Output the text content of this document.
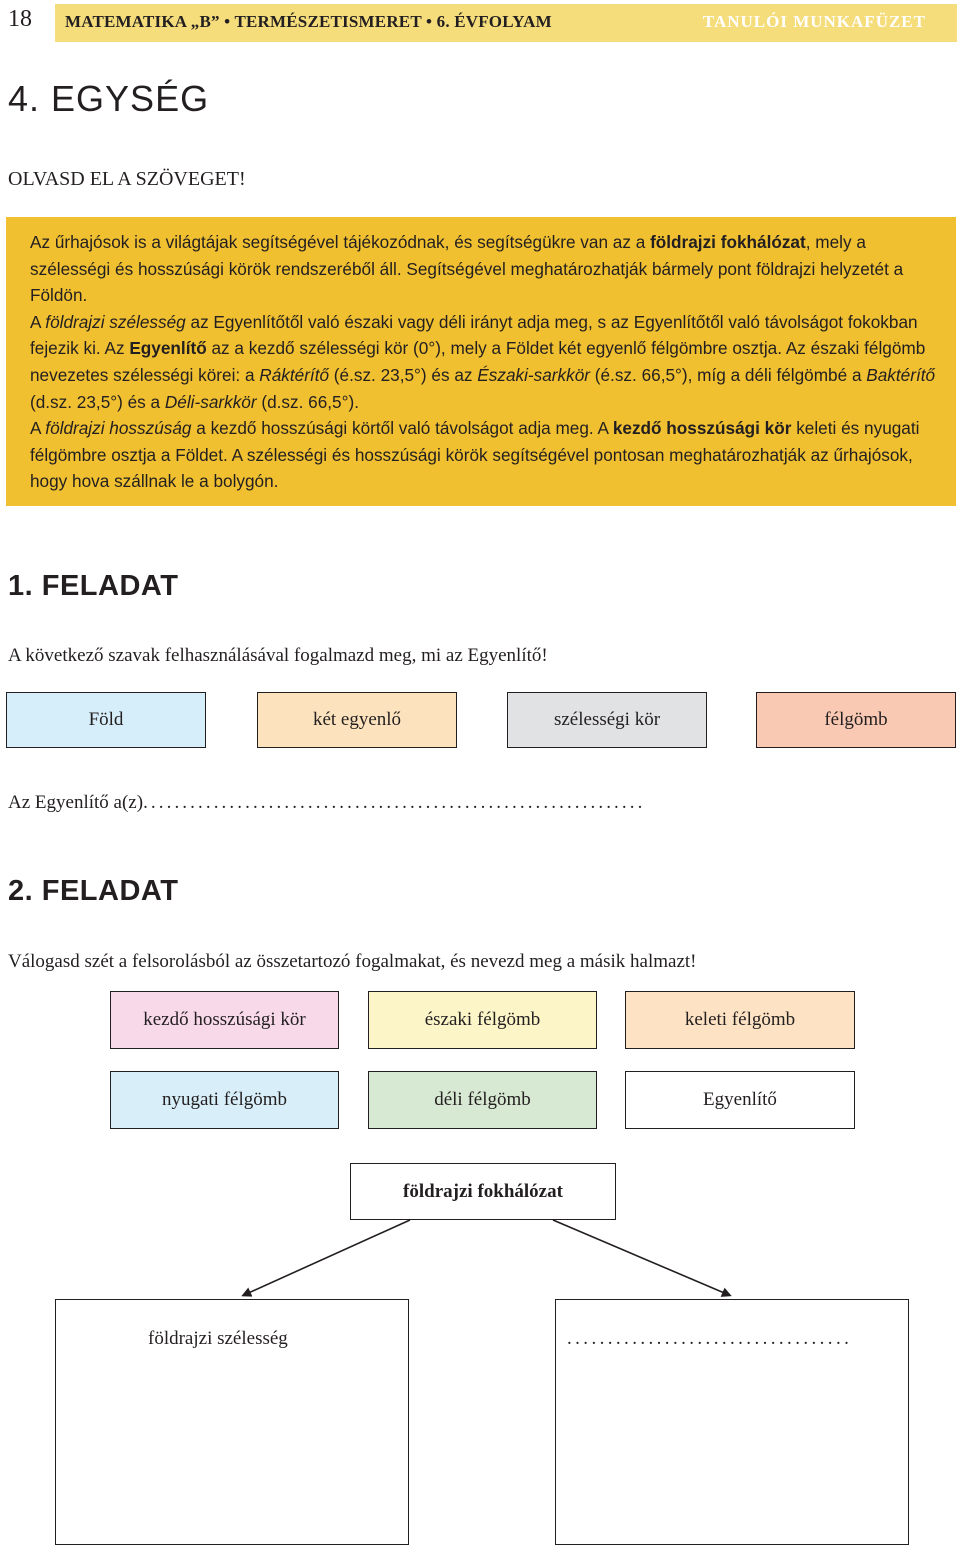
18 MATEMATIKA „B” • TERMÉSZETISMERET • 6. ÉVFOLYAM	TANULÓI MUNKAFÜZET
4. EGYSÉG
OLVASD EL A SZÖVEGET!

Az űrhajósok is a világtájak segítségével tájékozódnak, és segítségükre van az a földrajzi fokhálózat, mely a szélességi és hosszúsági körök rendszeréből áll. Segítségével meghatározhatják bármely pont földrajzi helyzetét a Földön.

A földrajzi szélesség az Egyenlítőtől való északi vagy déli irányt adja meg, s az Egyenlítőtől való távolságot fokokban fejezik ki. Az Egyenlítő az a kezdő szélességi kör (0°), mely a Földet két egyenlő félgömbre osztja. Az északi félgömb nevezetes szélességi körei: a Ráktérítő (é.sz. 23,5°) és az Északi-sarkkör (é.sz. 66,5°), míg a déli félgömbé a Baktérítő (d.sz. 23,5°) és a Déli-sarkkör (d.sz. 66,5°).

A földrajzi hosszúság a kezdő hosszúsági körtől való távolságot adja meg. A kezdő hosszúsági kör keleti és nyugati félgömbre osztja a Földet. A szélességi és hosszúsági körök segítségével pontosan meghatározhatják az űrhajósok, hogy hova szállnak le a bolygón.

1. FELADAT
A következő szavak felhasználásával fogalmazd meg, mi az Egyenlítő!
Föld	két egyenlő	szélességi kör	félgömb
Az Egyenlítő a(z)................................................................
2. FELADAT
Válogasd szét a felsorolásból az összetartozó fogalmakat, és nevezd meg a másik halmazt!
kezdő hosszúsági kör	északi félgömb	keleti félgömb
nyugati félgömb	déli félgömb	Egyenlítő
földrajzi fokhálózat
földrajzi szélesség	...................................
